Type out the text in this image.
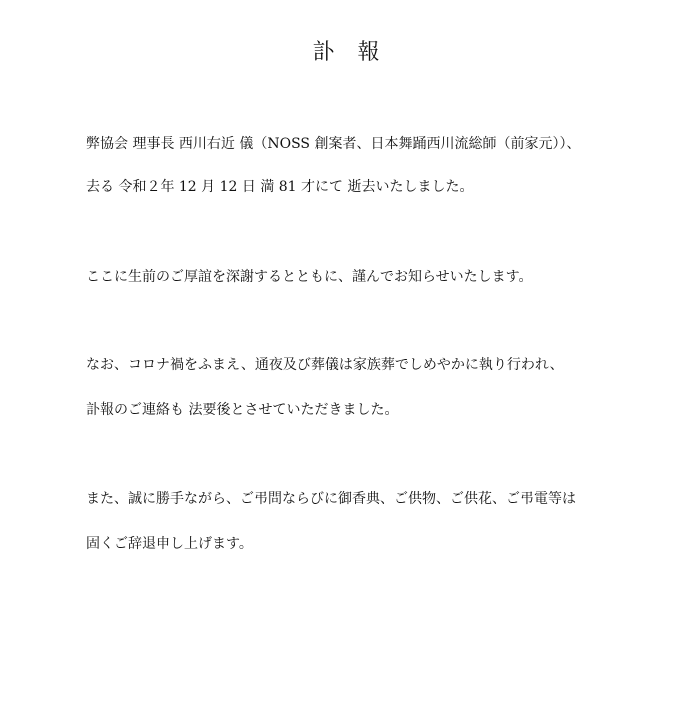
訃 報
弊協会 理事長 西川右近 儀（NOSS 創案者、日本舞踊西川流総師（前家元））、
去る 令和２年 12 月 12 日 満 81 才にて 逝去いたしました。
ここに生前のご厚誼を深謝するとともに、謹んでお知らせいたします。
なお、コロナ禍をふまえ、通夜及び葬儀は家族葬でしめやかに執り行われ、
訃報のご連絡も 法要後とさせていただきました。
また、誠に勝手ながら、ご弔問ならびに御香典、ご供物、ご供花、ご弔電等は
固くご辞退申し上げます。
